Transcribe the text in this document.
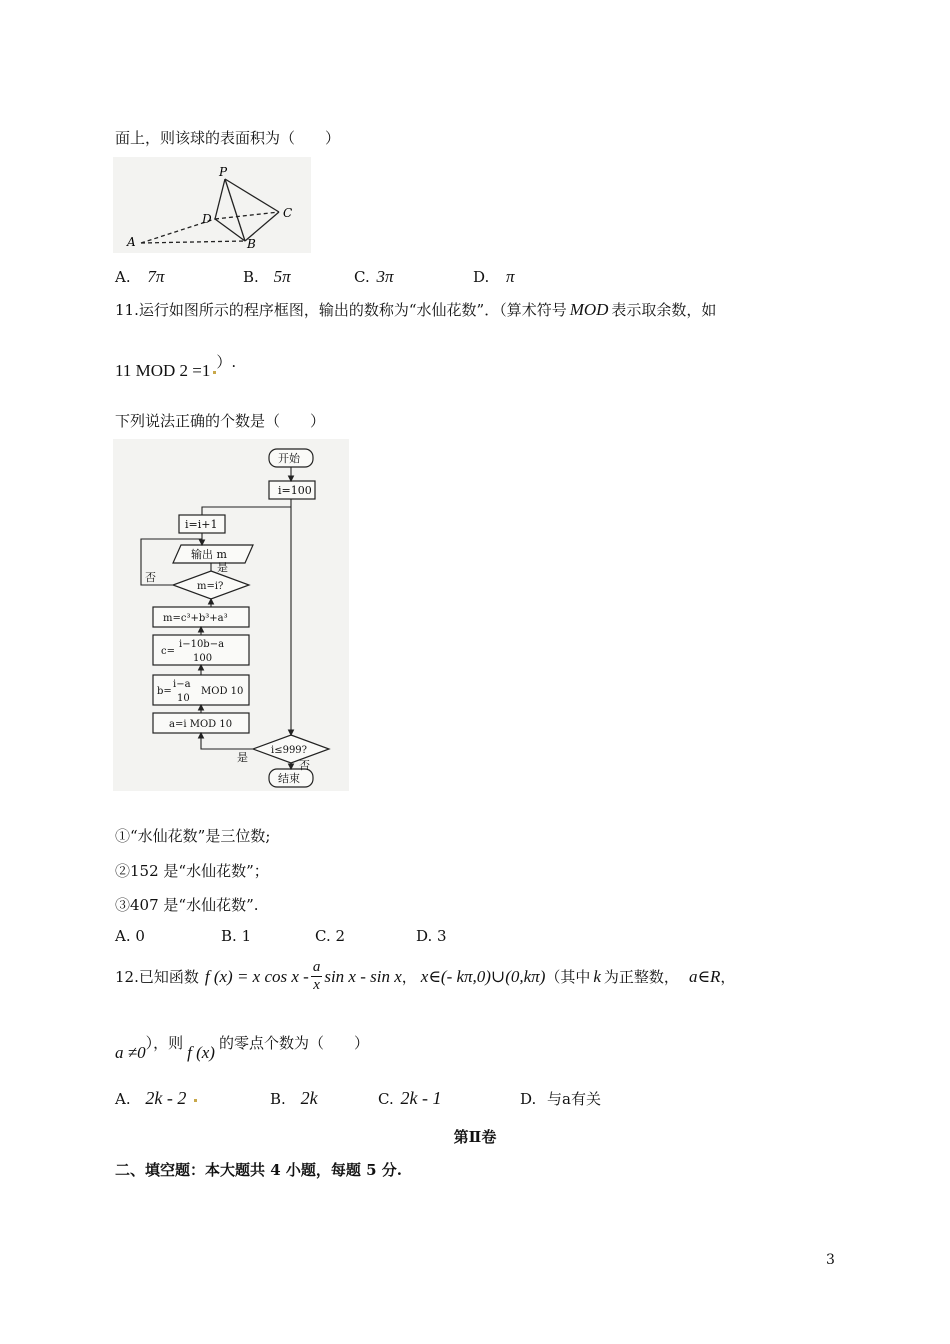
面上，则该球的表面积为（　　）
P
D	C
A	B
A. 7π	B. 5π	C. 3π	D. π
11.运行如图所示的程序框图，输出的数称为“水仙花数”．（算术符号 MOD 表示取余数，如
11 MOD 2 =1 ）.
下列说法正确的个数是（　　）
开始
i=100
i=i+1
输出 m
否
是
m=i?
m=c³+b³+a³
c=
i−10b−a
100
b=
i−a
10
MOD 10
a=i MOD 10
i≤999?
是
否
结束
①“水仙花数”是三位数;
②152 是“水仙花数”；
③407 是“水仙花数”.
A. 0	B. 1	C. 2	D. 3
12.已知函数 f (x) = x cos x - $\frac{a}{x}$ sin x - sin x ， x∈(- kπ,0)∪(0,kπ) （其中 k 为正整数， a∈R ，
a ≠0），则 f (x) 的零点个数为（　　）
A. 2k - 2	B. 2k	C. 2k - 1	D. 与a有关
第Ⅱ卷
二、填空题：本大题共 4 小题，每题 5 分.
3
